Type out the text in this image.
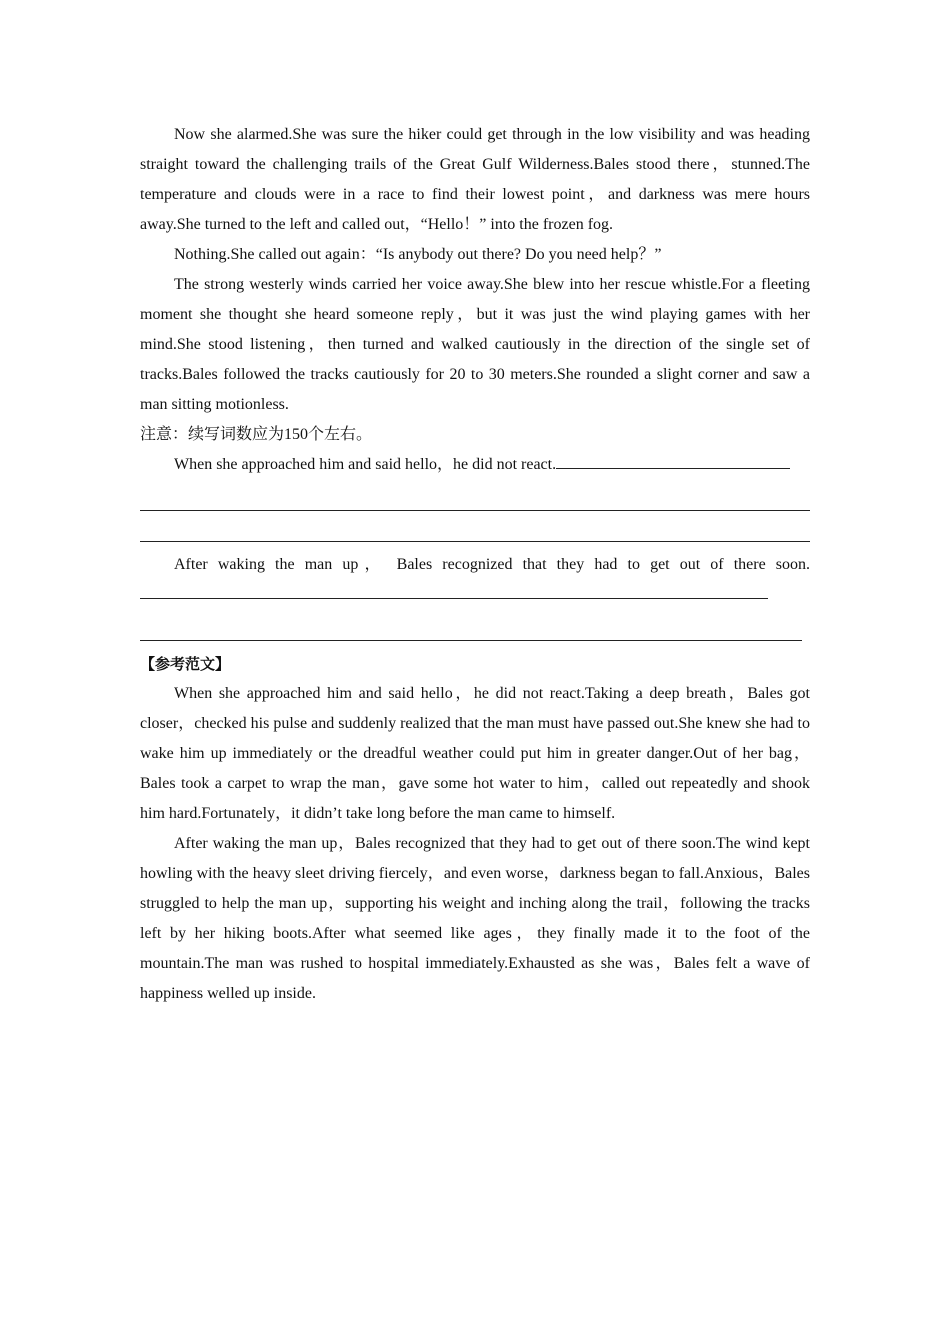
Now she alarmed.She was sure the hiker could get through in the low visibility and was heading straight toward the challenging trails of the Great Gulf Wilderness.Bales stood there，stunned.The temperature and clouds were in a race to find their lowest point，and darkness was mere hours away.She turned to the left and called out，“Hello！” into the frozen fog.

Nothing.She called out again：“Is anybody out there? Do you need help？”

The strong westerly winds carried her voice away.She blew into her rescue whistle.For a fleeting moment she thought she heard someone reply，but it was just the wind playing games with her mind.She stood listening，then turned and walked cautiously in the direction of the single set of tracks.Bales followed the tracks cautiously for 20 to 30 meters.She rounded a slight corner and saw a man sitting motionless.

注意：续写词数应为150个左右。

When she approached him and said hello，he did not react.

After waking the man up， Bales recognized that they had to get out of there soon.

【参考范文】

When she approached him and said hello，he did not react.Taking a deep breath，Bales got closer，checked his pulse and suddenly realized that the man must have passed out.She knew she had to wake him up immediately or the dreadful weather could put him in greater danger.Out of her bag，Bales took a carpet to wrap the man，gave some hot water to him，called out repeatedly and shook him hard.Fortunately，it didn’t take long before the man came to himself.

After waking the man up，Bales recognized that they had to get out of there soon.The wind kept howling with the heavy sleet driving fiercely，and even worse，darkness began to fall.Anxious，Bales struggled to help the man up，supporting his weight and inching along the trail，following the tracks left by her hiking boots.After what seemed like ages，they finally made it to the foot of the mountain.The man was rushed to hospital immediately.Exhausted as she was，Bales felt a wave of happiness welled up inside.
